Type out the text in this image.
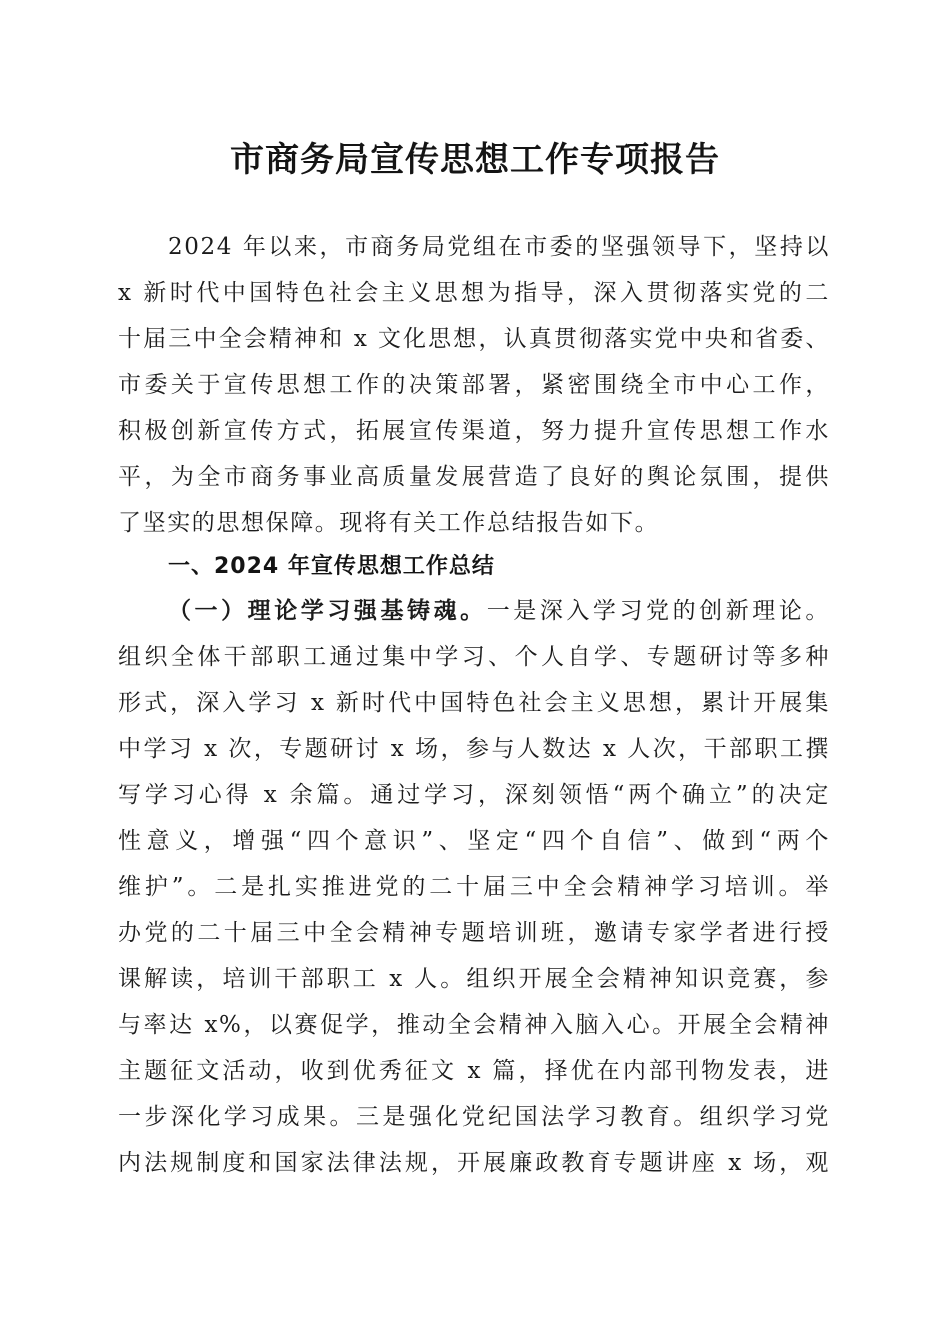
市商务局宣传思想工作专项报告
2024 年以来，市商务局党组在市委的坚强领导下，坚持以
x 新时代中国特色社会主义思想为指导，深入贯彻落实党的二
十届三中全会精神和 x 文化思想，认真贯彻落实党中央和省委、
市委关于宣传思想工作的决策部署，紧密围绕全市中心工作，
积极创新宣传方式，拓展宣传渠道，努力提升宣传思想工作水
平，为全市商务事业高质量发展营造了良好的舆论氛围，提供
了坚实的思想保障。现将有关工作总结报告如下。
一、2024 年宣传思想工作总结
（一）理论学习强基铸魂。一是深入学习党的创新理论。
组织全体干部职工通过集中学习、个人自学、专题研讨等多种
形式，深入学习 x 新时代中国特色社会主义思想，累计开展集
中学习 x 次，专题研讨 x 场，参与人数达 x 人次，干部职工撰
写学习心得 x 余篇。通过学习，深刻领悟“两个确立”的决定
性意义，增强“四个意识”、坚定“四个自信”、做到“两个
维护”。二是扎实推进党的二十届三中全会精神学习培训。举
办党的二十届三中全会精神专题培训班，邀请专家学者进行授
课解读，培训干部职工 x 人。组织开展全会精神知识竞赛，参
与率达 x%，以赛促学，推动全会精神入脑入心。开展全会精神
主题征文活动，收到优秀征文 x 篇，择优在内部刊物发表，进
一步深化学习成果。三是强化党纪国法学习教育。组织学习党
内法规制度和国家法律法规，开展廉政教育专题讲座 x 场，观
